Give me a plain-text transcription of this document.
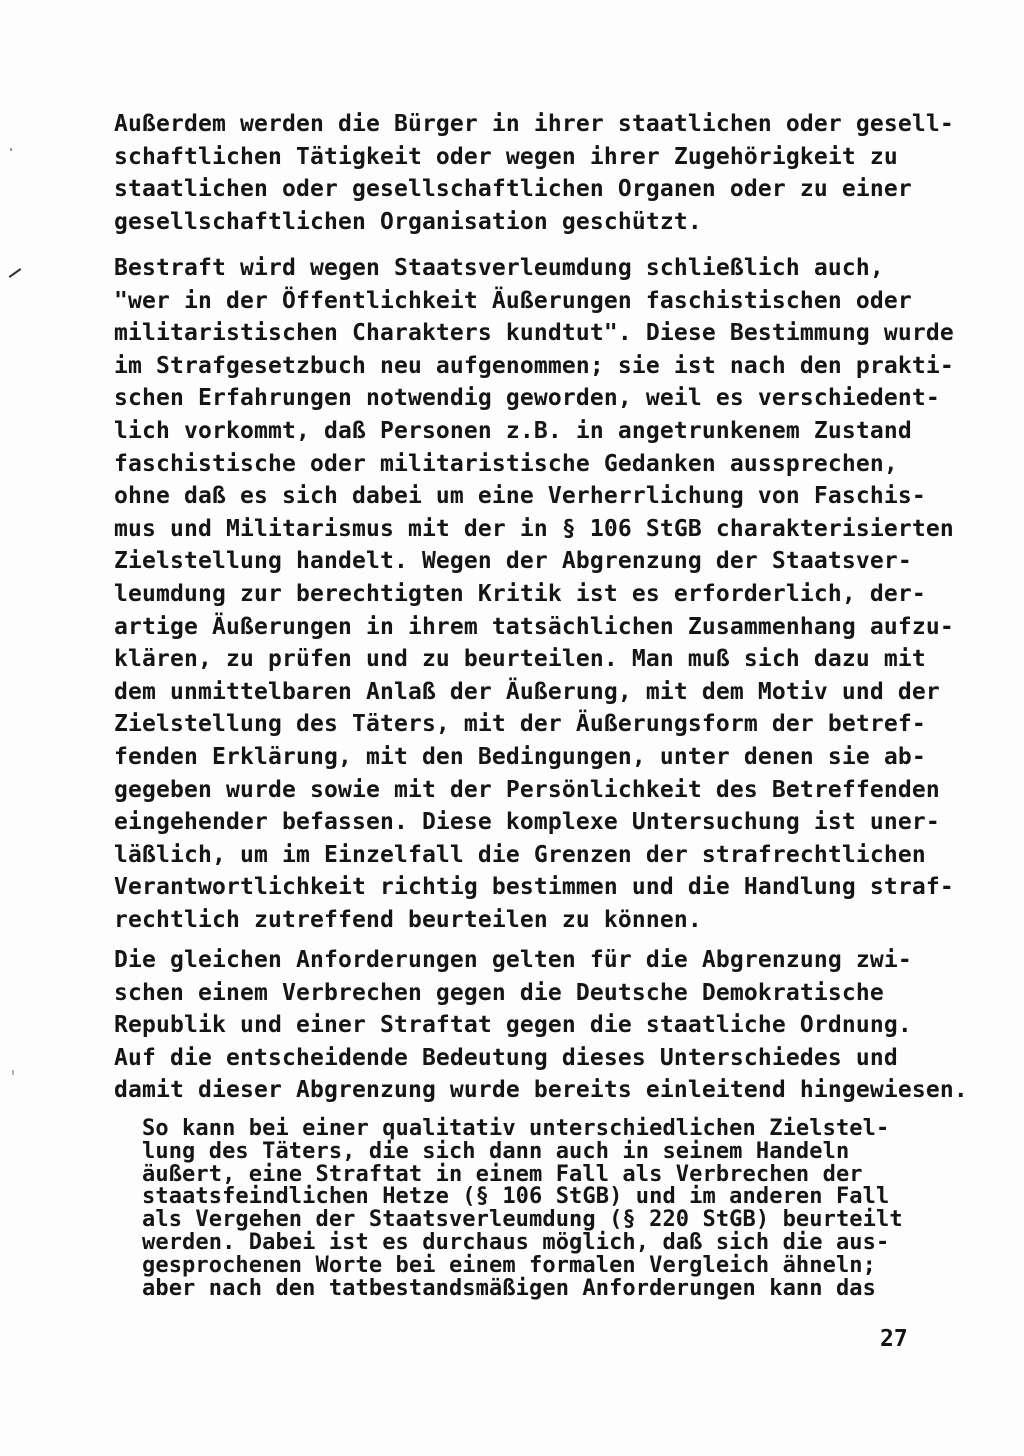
Außerdem werden die Bürger in ihrer staatlichen oder gesell-
schaftlichen Tätigkeit oder wegen ihrer Zugehörigkeit zu
staatlichen oder gesellschaftlichen Organen oder zu einer
gesellschaftlichen Organisation geschützt.

Bestraft wird wegen Staatsverleumdung schließlich auch,
"wer in der Öffentlichkeit Äußerungen faschistischen oder
militaristischen Charakters kundtut". Diese Bestimmung wurde
im Strafgesetzbuch neu aufgenommen; sie ist nach den prakti-
schen Erfahrungen notwendig geworden, weil es verschiedent-
lich vorkommt, daß Personen z.B. in angetrunkenem Zustand
faschistische oder militaristische Gedanken aussprechen,
ohne daß es sich dabei um eine Verherrlichung von Faschis-
mus und Militarismus mit der in § 106 StGB charakterisierten
Zielstellung handelt. Wegen der Abgrenzung der Staatsver-
leumdung zur berechtigten Kritik ist es erforderlich, der-
artige Äußerungen in ihrem tatsächlichen Zusammenhang aufzu-
klären, zu prüfen und zu beurteilen. Man muß sich dazu mit
dem unmittelbaren Anlaß der Äußerung, mit dem Motiv und der
Zielstellung des Täters, mit der Äußerungsform der betref-
fenden Erklärung, mit den Bedingungen, unter denen sie ab-
gegeben wurde sowie mit der Persönlichkeit des Betreffenden
eingehender befassen. Diese komplexe Untersuchung ist uner-
läßlich, um im Einzelfall die Grenzen der strafrechtlichen
Verantwortlichkeit richtig bestimmen und die Handlung straf-
rechtlich zutreffend beurteilen zu können.

Die gleichen Anforderungen gelten für die Abgrenzung zwi-
schen einem Verbrechen gegen die Deutsche Demokratische
Republik und einer Straftat gegen die staatliche Ordnung.
Auf die entscheidende Bedeutung dieses Unterschiedes und
damit dieser Abgrenzung wurde bereits einleitend hingewiesen.

So kann bei einer qualitativ unterschiedlichen Zielstel-
lung des Täters, die sich dann auch in seinem Handeln
äußert, eine Straftat in einem Fall als Verbrechen der
staatsfeindlichen Hetze (§ 106 StGB) und im anderen Fall
als Vergehen der Staatsverleumdung (§ 220 StGB) beurteilt
werden. Dabei ist es durchaus möglich, daß sich die aus-
gesprochenen Worte bei einem formalen Vergleich ähneln;
aber nach den tatbestandsmäßigen Anforderungen kann das

27
